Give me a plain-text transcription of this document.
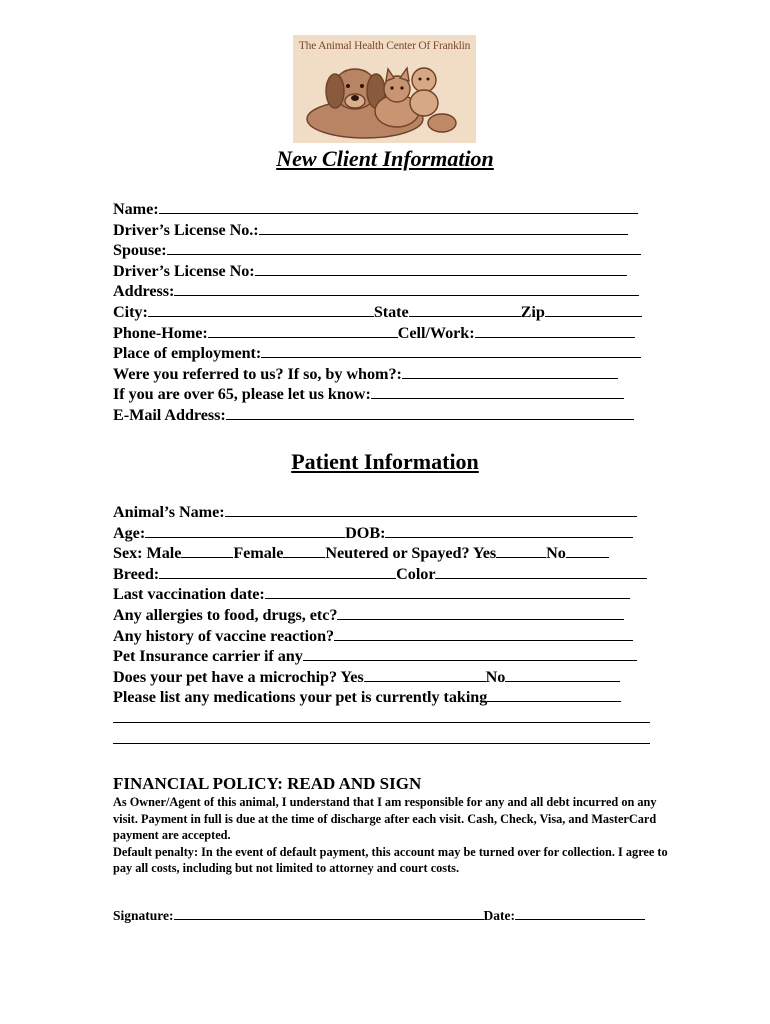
The Animal Health Center Of Franklin
New Client Information
Name:
Driver’s License No.:
Spouse:
Driver’s License No:
Address:
City:	State	Zip
Phone-Home:	Cell/Work:
Place of employment:
Were you referred to us? If so, by whom?:
If you are over 65, please let us know:
E-Mail Address:
Patient Information
Animal’s Name:
Age:	DOB:
Sex: Male	Female	Neutered or Spayed? Yes	No
Breed:	Color
Last vaccination date:
Any allergies to food, drugs, etc?
Any history of vaccine reaction?
Pet Insurance carrier if any
Does your pet have a microchip? Yes	No
Please list any medications your pet is currently taking
FINANCIAL POLICY: READ AND SIGN

As Owner/Agent of this animal, I understand that I am responsible for any and all debt incurred on any visit. Payment in full is due at the time of discharge after each visit. Cash, Check, Visa, and MasterCard payment are accepted.

Default penalty: In the event of default payment, this account may be turned over for collection. I agree to pay all costs, including but not limited to attorney and court costs.

Signature:	Date:
